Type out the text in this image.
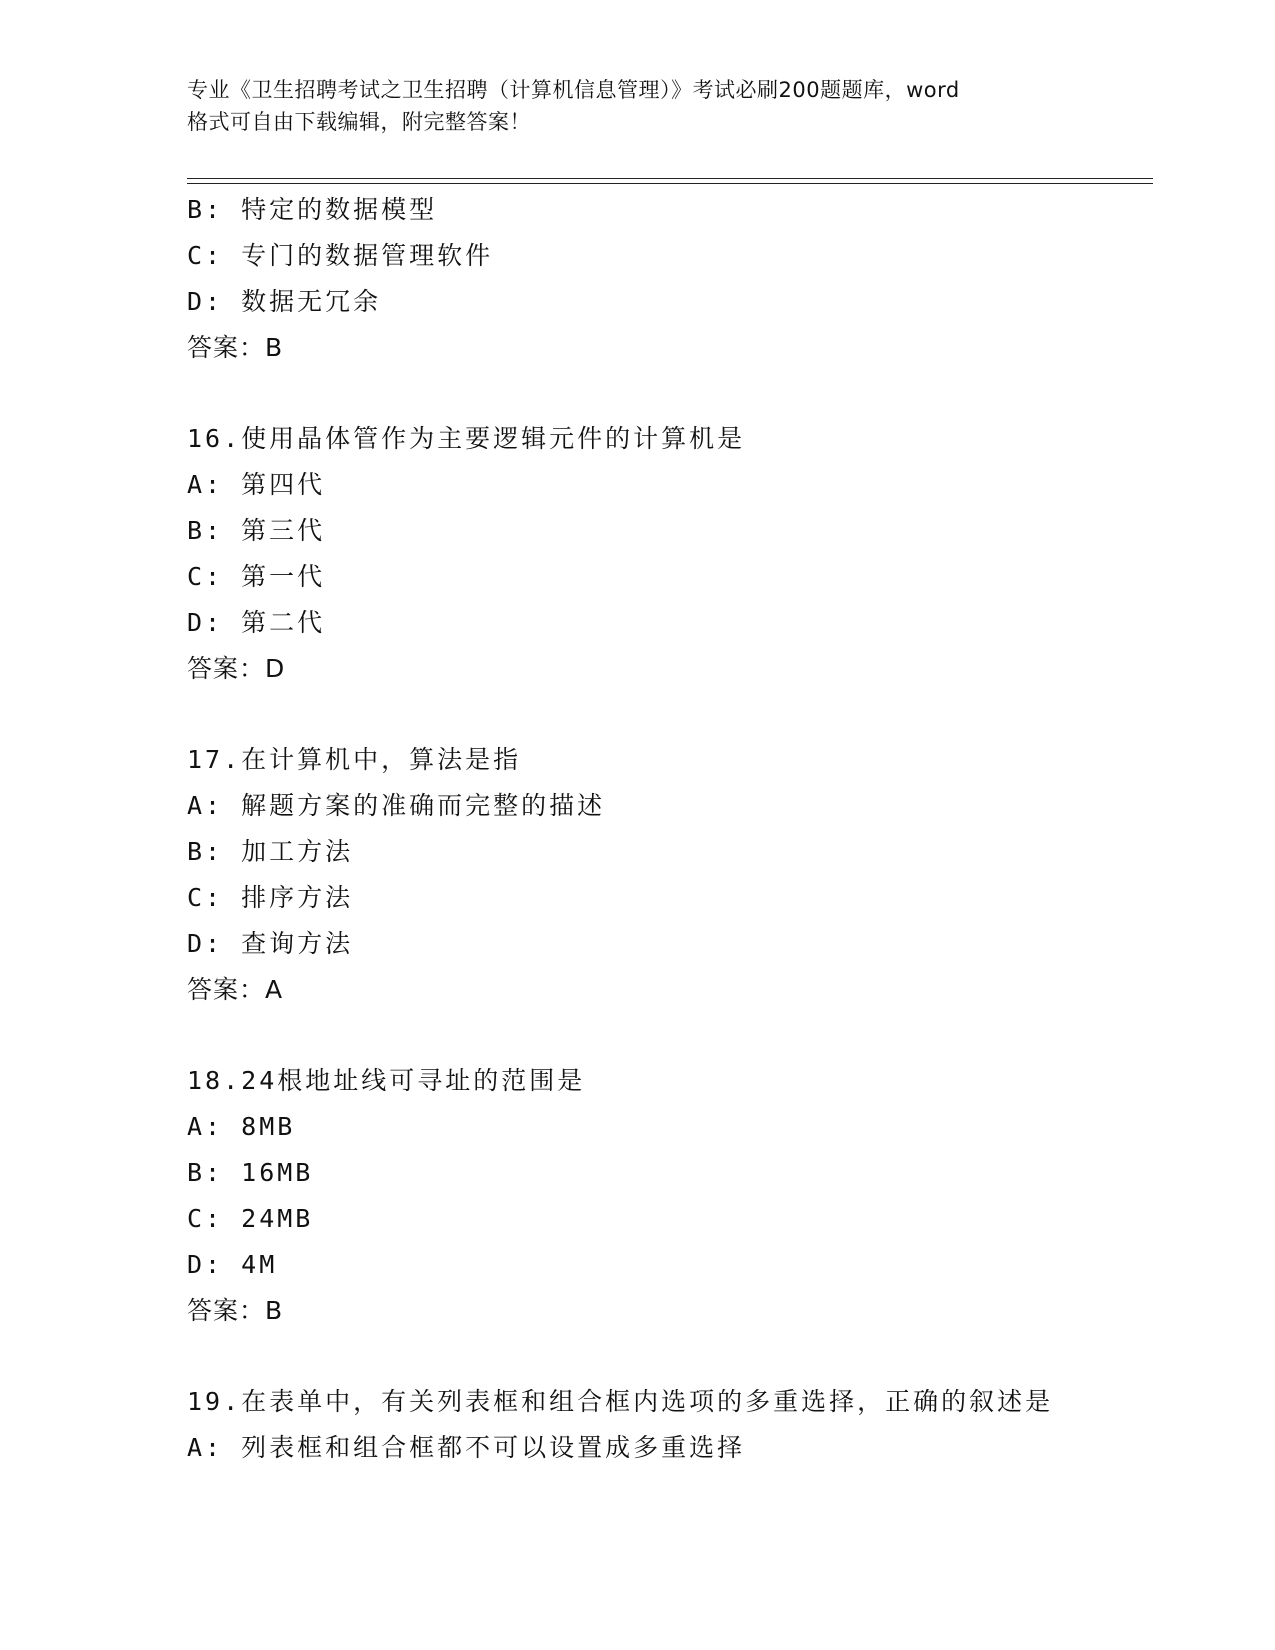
专业《卫生招聘考试之卫生招聘（计算机信息管理）》考试必刷200题题库，word
格式可自由下载编辑，附完整答案！
B: 特定的数据模型
C: 专门的数据管理软件
D: 数据无冗余
答案：B
16.使用晶体管作为主要逻辑元件的计算机是
A: 第四代
B: 第三代
C: 第一代
D: 第二代
答案：D
17.在计算机中，算法是指
A: 解题方案的准确而完整的描述
B: 加工方法
C: 排序方法
D: 查询方法
答案：A
18.24根地址线可寻址的范围是
A: 8MB
B: 16MB
C: 24MB
D: 4M
答案：B
19.在表单中，有关列表框和组合框内选项的多重选择，正确的叙述是
A: 列表框和组合框都不可以设置成多重选择
